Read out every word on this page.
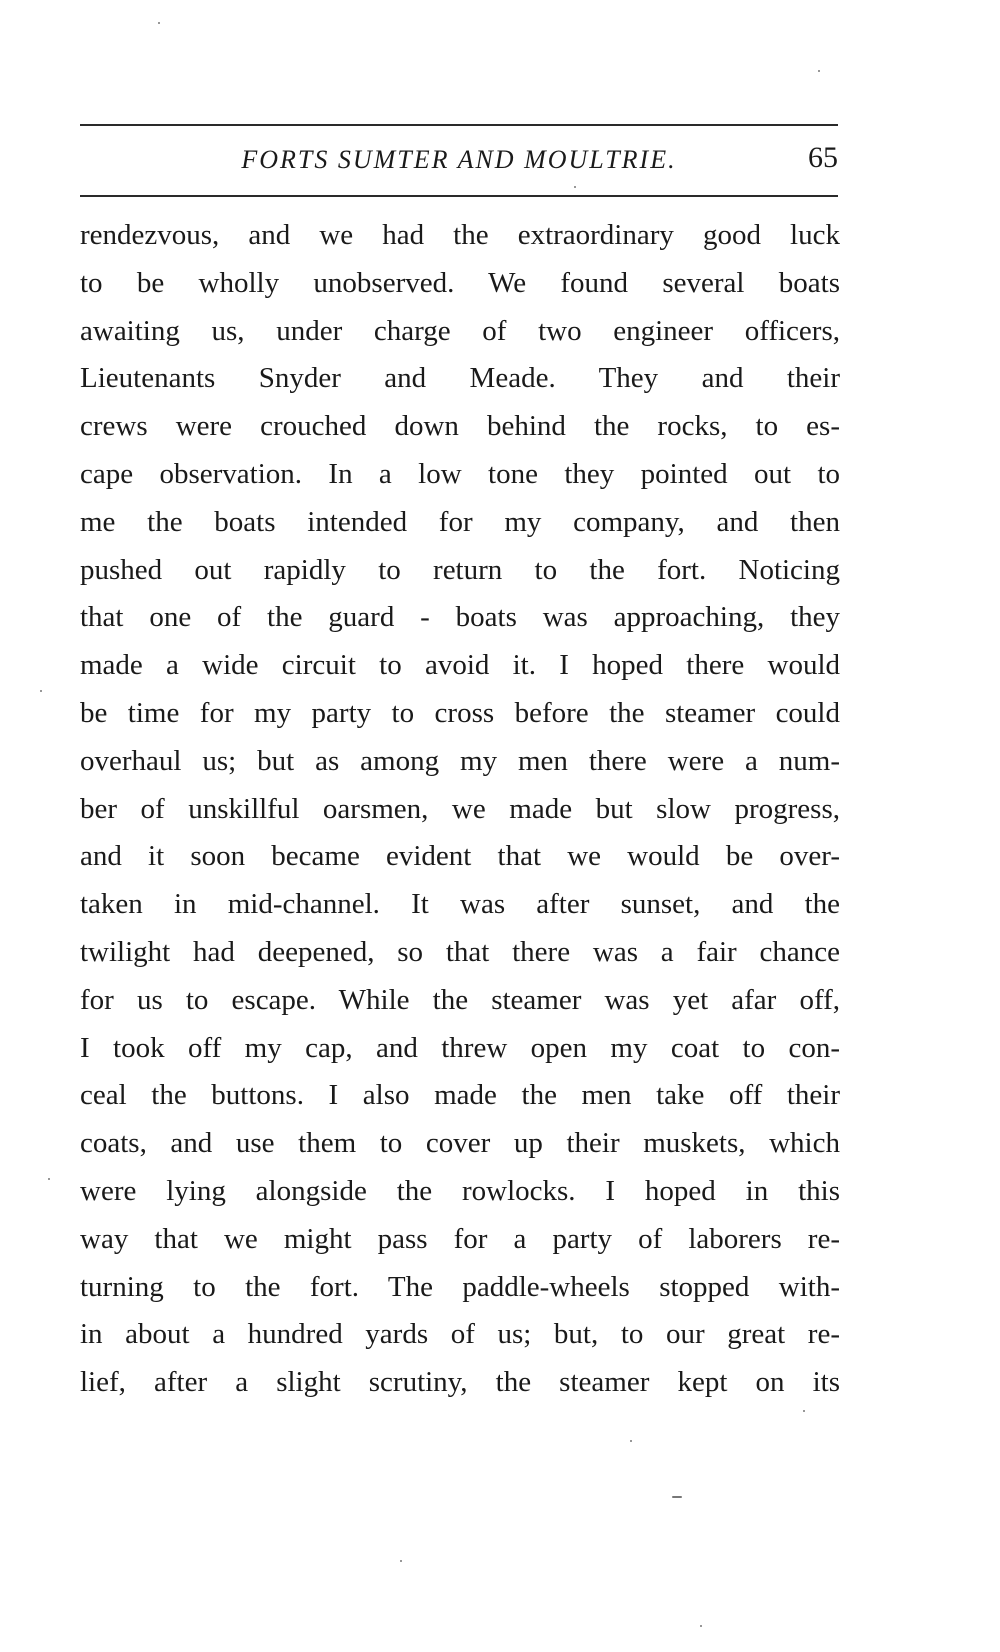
FORTS SUMTER AND MOULTRIE.	65
rendezvous, and we had the extraordinary good luck
to be wholly unobserved. We found several boats
awaiting us, under charge of two engineer officers,
Lieutenants Snyder and Meade. They and their
crews were crouched down behind the rocks, to es-
cape observation. In a low tone they pointed out to
me the boats intended for my company, and then
pushed out rapidly to return to the fort. Noticing
that one of the guard - boats was approaching, they
made a wide circuit to avoid it. I hoped there would
be time for my party to cross before the steamer could
overhaul us; but as among my men there were a num-
ber of unskillful oarsmen, we made but slow progress,
and it soon became evident that we would be over-
taken in mid-channel. It was after sunset, and the
twilight had deepened, so that there was a fair chance
for us to escape. While the steamer was yet afar off,
I took off my cap, and threw open my coat to con-
ceal the buttons. I also made the men take off their
coats, and use them to cover up their muskets, which
were lying alongside the rowlocks. I hoped in this
way that we might pass for a party of laborers re-
turning to the fort. The paddle-wheels stopped with-
in about a hundred yards of us; but, to our great re-
lief, after a slight scrutiny, the steamer kept on its
